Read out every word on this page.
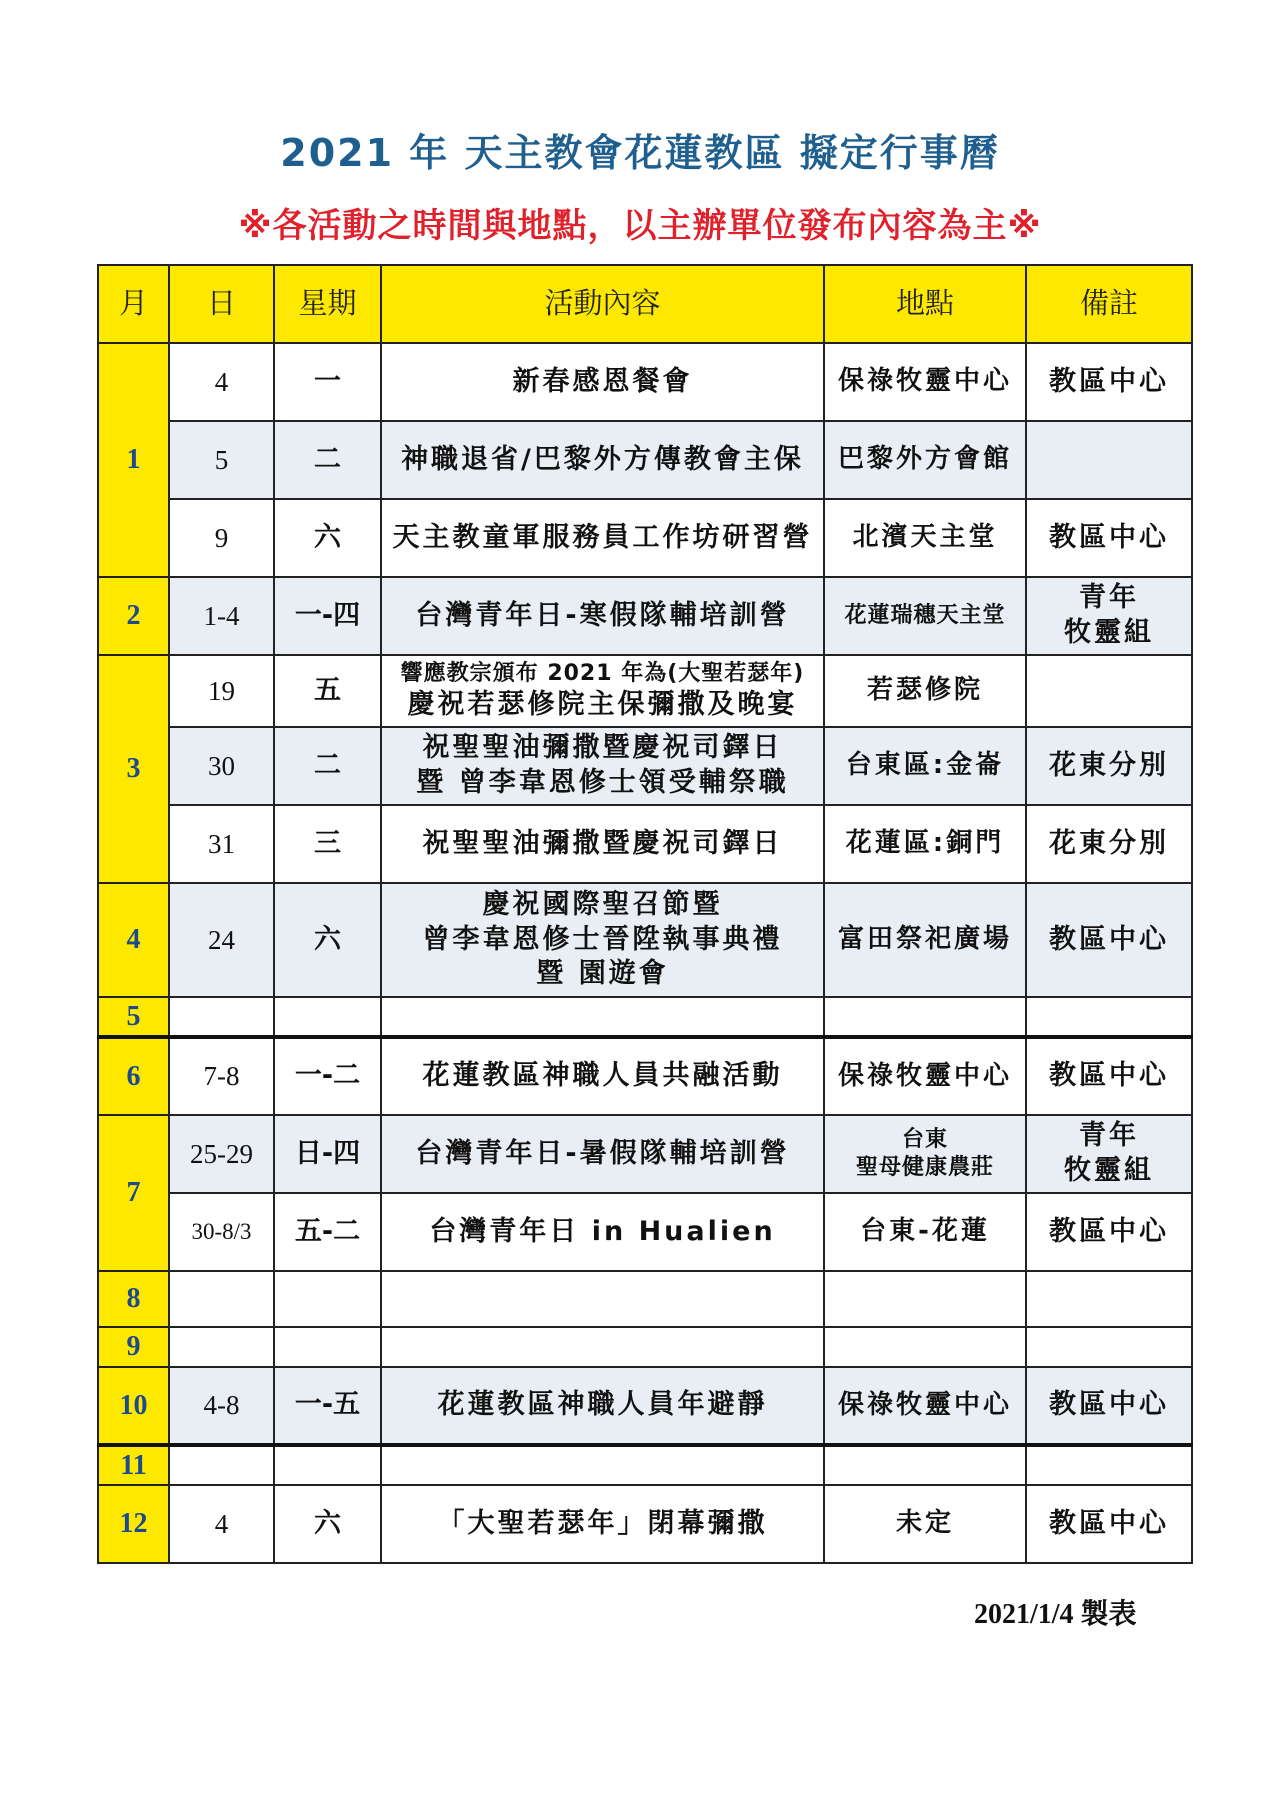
2021 年 天主教會花蓮教區 擬定行事曆
※各活動之時間與地點，以主辦單位發布內容為主※
月	日	星期	活動內容	地點	備註
1	4	一	新春感恩餐會	保祿牧靈中心	教區中心
	5	二	神職退省/巴黎外方傳教會主保	巴黎外方會館	
	9	六	天主教童軍服務員工作坊研習營	北濱天主堂	教區中心
2	1-4	一-四	台灣青年日-寒假隊輔培訓營	花蓮瑞穗天主堂	青年
牧靈組

3	19	五	響應教宗頒布 2021 年為(大聖若瑟年)
慶祝若瑟修院主保彌撒及晚宴	若瑟修院	
	30	二	祝聖聖油彌撒暨慶祝司鐸日
暨 曾李韋恩修士領受輔祭職	台東區:金崙	花東分別
	31	三	祝聖聖油彌撒暨慶祝司鐸日	花蓮區:銅門	花東分別
4	24	六	慶祝國際聖召節暨
曾李韋恩修士晉陞執事典禮
暨 園遊會	富田祭祀廣場	教區中心
5					
6	7-8	一-二	花蓮教區神職人員共融活動	保祿牧靈中心	教區中心
7	25-29	日-四	台灣青年日-暑假隊輔培訓營	台東
聖母健康農莊	青年
牧靈組

	30-8/3	五-二	台灣青年日 in Hualien	台東-花蓮	教區中心
8					
9					
10	4-8	一-五	花蓮教區神職人員年避靜	保祿牧靈中心	教區中心
11					
12	4	六	「大聖若瑟年」閉幕彌撒	未定	教區中心
2021/1/4 製表
